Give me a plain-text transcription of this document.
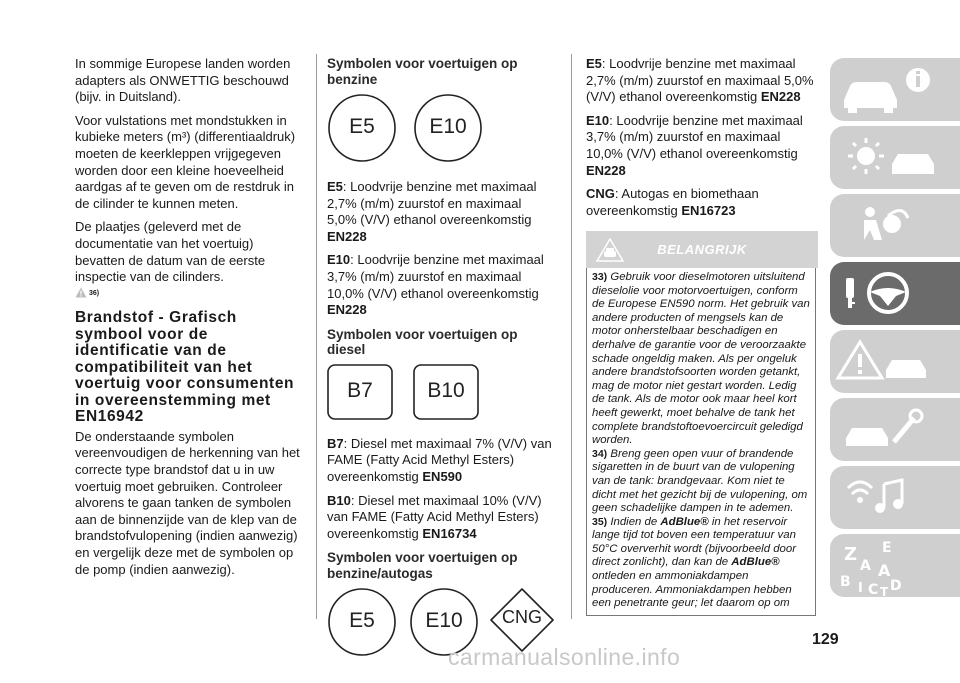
In sommige Europese landen worden adapters als ONWETTIG beschouwd (bijv. in Duitsland).

Voor vulstations met mondstukken in kubieke meters (m³) (differentiaaldruk) moeten de keerkleppen vrijgegeven worden door een kleine hoeveelheid aardgas af te geven om de restdruk in de cilinder te kunnen meten.

De plaatjes (geleverd met de documentatie van het voertuig) bevatten de datum van de eerste inspectie van de cilinders.
$^{36)}$

Brandstof - Grafisch symbool voor de identificatie van de compatibiliteit van het voertuig voor consumenten in overeenstemming met EN16942

De onderstaande symbolen vereenvoudigen de herkenning van het correcte type brandstof dat u in uw voertuig moet gebruiken. Controleer alvorens te gaan tanken de symbolen aan de binnenzijde van de klep van de brandstofvulopening (indien aanwezig) en vergelijk deze met de symbolen op de pomp (indien aanwezig).

Symbolen voor voertuigen op benzine
E5	E10

E5: Loodvrije benzine met maximaal 2,7% (m/m) zuurstof en maximaal 5,0% (V/V) ethanol overeenkomstig EN228

E10: Loodvrije benzine met maximaal 3,7% (m/m) zuurstof en maximaal 10,0% (V/V) ethanol overeenkomstig EN228

Symbolen voor voertuigen op diesel
B7	B10

B7: Diesel met maximaal 7% (V/V) van FAME (Fatty Acid Methyl Esters) overeenkomstig EN590

B10: Diesel met maximaal 10% (V/V) van FAME (Fatty Acid Methyl Esters) overeenkomstig EN16734

Symbolen voor voertuigen op benzine/autogas
E5	E10	CNG

E5: Loodvrije benzine met maximaal 2,7% (m/m) zuurstof en maximaal 5,0% (V/V) ethanol overeenkomstig EN228

E10: Loodvrije benzine met maximaal 3,7% (m/m) zuurstof en maximaal 10,0% (V/V) ethanol overeenkomstig EN228

CNG: Autogas en biomethaan overeenkomstig EN16723

BELANGRIJK

33) Gebruik voor dieselmotoren uitsluitend dieselolie voor motorvoertuigen, conform de Europese EN590 norm. Het gebruik van andere producten of mengsels kan de motor onherstelbaar beschadigen en derhalve de garantie voor de veroorzaakte schade ongeldig maken. Als per ongeluk andere brandstofsoorten worden getankt, mag de motor niet gestart worden. Ledig de tank. Als de motor ook maar heel kort heeft gewerkt, moet behalve de tank het complete brandstoftoevoercircuit geledigd worden.

34) Breng geen open vuur of brandende sigaretten in de buurt van de vulopening van de tank: brandgevaar. Kom niet te dicht met het gezicht bij de vulopening, om geen schadelijke dampen in te ademen.

35) Indien de AdBlue® in het reservoir lange tijd tot boven een temperatuur van 50°C oververhit wordt (bijvoorbeeld door direct zonlicht), dan kan de AdBlue® ontleden en ammoniakdampen produceren. Ammoniakdampen hebben een penetrante geur; let daarom op om

Z E
A
B
A
I C D
T
129
carmanualsonline.info
